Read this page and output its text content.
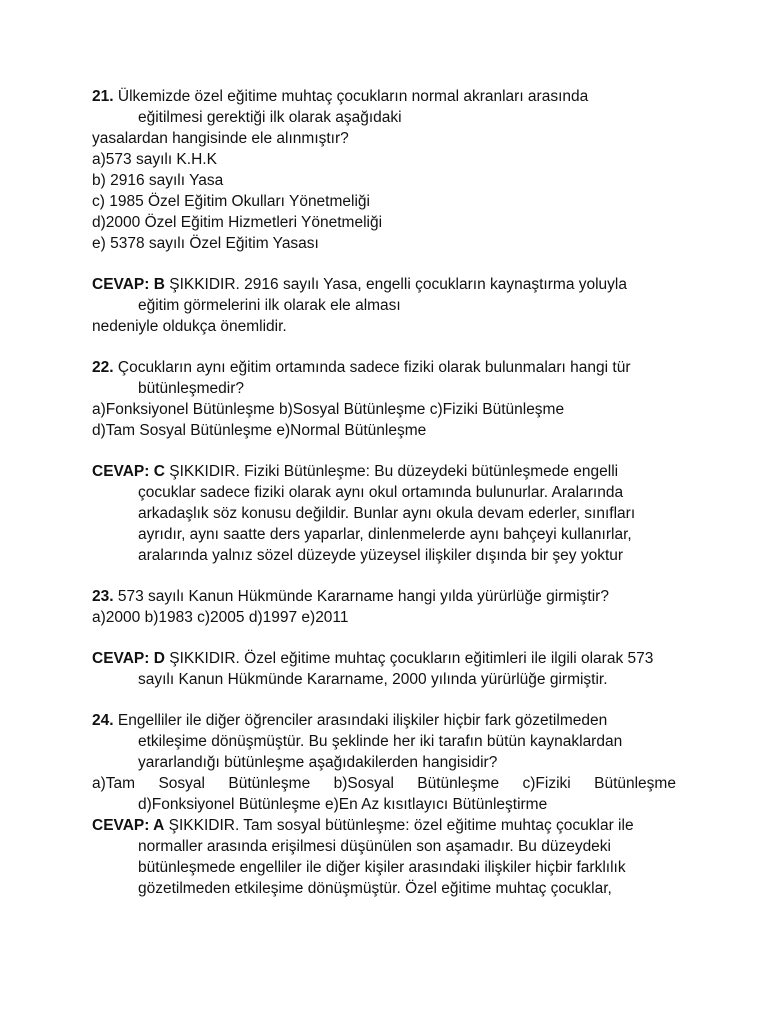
21. Ülkemizde özel eğitime muhtaç çocukların normal akranları arasında
eğitilmesi gerektiği ilk olarak aşağıdaki
yasalardan hangisinde ele alınmıştır?
a)573 sayılı K.H.K
b) 2916 sayılı Yasa
c) 1985 Özel Eğitim Okulları Yönetmeliği
d)2000 Özel Eğitim Hizmetleri Yönetmeliği
e) 5378 sayılı Özel Eğitim Yasası
CEVAP: B ŞIKKIDIR. 2916 sayılı Yasa, engelli çocukların kaynaştırma yoluyla
eğitim görmelerini ilk olarak ele alması
nedeniyle oldukça önemlidir.
22. Çocukların aynı eğitim ortamında sadece fiziki olarak bulunmaları hangi tür
bütünleşmedir?
a)Fonksiyonel Bütünleşme b)Sosyal Bütünleşme c)Fiziki Bütünleşme
d)Tam Sosyal Bütünleşme e)Normal Bütünleşme
CEVAP: C ŞIKKIDIR. Fiziki Bütünleşme: Bu düzeydeki bütünleşmede engelli
çocuklar sadece fiziki olarak aynı okul ortamında bulunurlar. Aralarında
arkadaşlık söz konusu değildir. Bunlar aynı okula devam ederler, sınıfları
ayrıdır, aynı saatte ders yaparlar, dinlenmelerde aynı bahçeyi kullanırlar,
aralarında yalnız sözel düzeyde yüzeysel ilişkiler dışında bir şey yoktur
23. 573 sayılı Kanun Hükmünde Kararname hangi yılda yürürlüğe girmiştir?
a)2000 b)1983 c)2005 d)1997 e)2011
CEVAP: D ŞIKKIDIR. Özel eğitime muhtaç çocukların eğitimleri ile ilgili olarak 573
sayılı Kanun Hükmünde Kararname, 2000 yılında yürürlüğe girmiştir.
24. Engelliler ile diğer öğrenciler arasındaki ilişkiler hiçbir fark gözetilmeden
etkileşime dönüşmüştür. Bu şeklinde her iki tarafın bütün kaynaklardan
yararlandığı bütünleşme aşağıdakilerden hangisidir?
a)Tam Sosyal Bütünleşme b)Sosyal Bütünleşme c)Fiziki Bütünleşme
d)Fonksiyonel Bütünleşme e)En Az kısıtlayıcı Bütünleştirme
CEVAP: A ŞIKKIDIR. Tam sosyal bütünleşme: özel eğitime muhtaç çocuklar ile
normaller arasında erişilmesi düşünülen son aşamadır. Bu düzeydeki
bütünleşmede engelliler ile diğer kişiler arasındaki ilişkiler hiçbir farklılık
gözetilmeden etkileşime dönüşmüştür. Özel eğitime muhtaç çocuklar,
